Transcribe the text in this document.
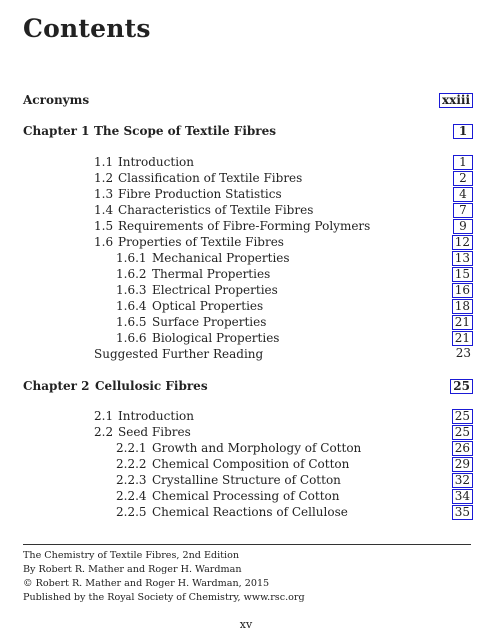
Contents
Acronyms	xxiii
Chapter 1 The Scope of Textile Fibres	1
1.1 Introduction	1
1.2 Classification of Textile Fibres	2
1.3 Fibre Production Statistics	4
1.4 Characteristics of Textile Fibres	7
1.5 Requirements of Fibre-Forming Polymers	9
1.6 Properties of Textile Fibres	12
1.6.1 Mechanical Properties	13
1.6.2 Thermal Properties	15
1.6.3 Electrical Properties	16
1.6.4 Optical Properties	18
1.6.5 Surface Properties	21
1.6.6 Biological Properties	21
Suggested Further Reading	23
Chapter 2 Cellulosic Fibres	25
2.1 Introduction	25
2.2 Seed Fibres	25
2.2.1 Growth and Morphology of Cotton	26
2.2.2 Chemical Composition of Cotton	29
2.2.3 Crystalline Structure of Cotton	32
2.2.4 Chemical Processing of Cotton	34
2.2.5 Chemical Reactions of Cellulose	35
The Chemistry of Textile Fibres, 2nd Edition
By Robert R. Mather and Roger H. Wardman
© Robert R. Mather and Roger H. Wardman, 2015
Published by the Royal Society of Chemistry, www.rsc.org
xv
